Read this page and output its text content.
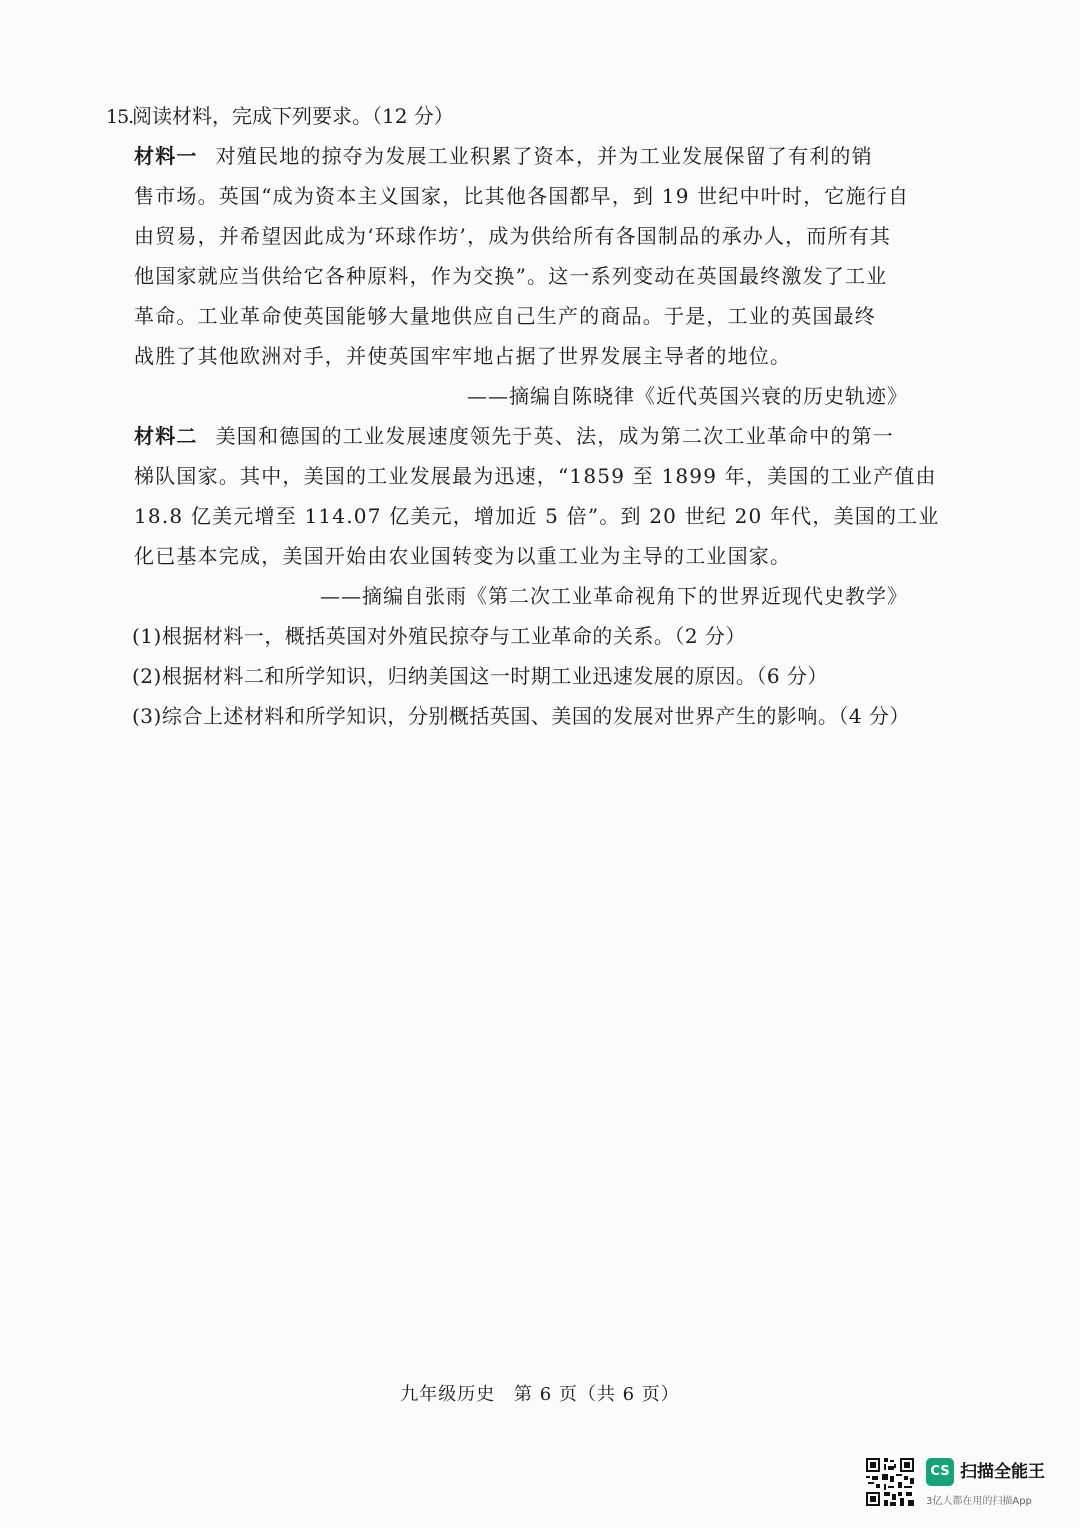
15.
阅读材料，完成下列要求。（12 分）
材料一 对殖民地的掠夺为发展工业积累了资本，并为工业发展保留了有利的销
售市场。英国“成为资本主义国家，比其他各国都早，到 19 世纪中叶时，它施行自
由贸易，并希望因此成为‘环球作坊’，成为供给所有各国制品的承办人，而所有其
他国家就应当供给它各种原料，作为交换”。这一系列变动在英国最终激发了工业
革命。工业革命使英国能够大量地供应自己生产的商品。于是，工业的英国最终
战胜了其他欧洲对手，并使英国牢牢地占据了世界发展主导者的地位。
——摘编自陈晓律《近代英国兴衰的历史轨迹》
材料二 美国和德国的工业发展速度领先于英、法，成为第二次工业革命中的第一
梯队国家。其中，美国的工业发展最为迅速，“1859 至 1899 年，美国的工业产值由
18.8 亿美元增至 114.07 亿美元，增加近 5 倍”。到 20 世纪 20 年代，美国的工业
化已基本完成，美国开始由农业国转变为以重工业为主导的工业国家。
——摘编自张雨《第二次工业革命视角下的世界近现代史教学》
(1)根据材料一，概括英国对外殖民掠夺与工业革命的关系。（2 分）
(2)根据材料二和所学知识，归纳美国这一时期工业迅速发展的原因。（6 分）
(3)综合上述材料和所学知识，分别概括英国、美国的发展对世界产生的影响。（4 分）
九年级历史 第 6 页（共 6 页）
CS 扫描全能王
3亿人都在用的扫描App
